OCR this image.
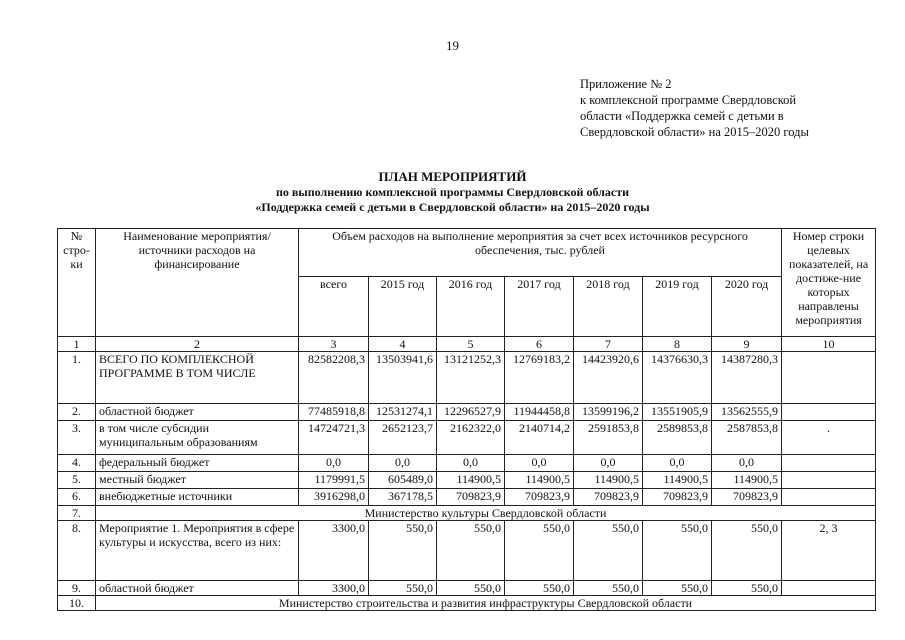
19
Приложение № 2
к комплексной программе Свердловской
области «Поддержка семей с детьми в
Свердловской области» на 2015–2020 годы
ПЛАН МЕРОПРИЯТИЙ
по выполнению комплексной программы Свердловской области
«Поддержка семей с детьми в Свердловской области» на 2015–2020 годы
№ стро-ки	Наименование мероприятия/ источники расходов на финансирование	Объем расходов на выполнение мероприятия за счет всех источников ресурсного обеспечения, тыс. рублей							Номер строки целевых показателей, на достиже-ние которых направлены мероприятия
		всего	2015 год	2016 год	2017 год	2018 год	2019 год	2020 год	
1	2	3	4	5	6	7	8	9	10
1.	ВСЕГО ПО КОМПЛЕКСНОЙ ПРОГРАММЕ В ТОМ ЧИСЛЕ	82582208,3	13503941,6	13121252,3	12769183,2	14423920,6	14376630,3	14387280,3	
2.	областной бюджет	77485918,8	12531274,1	12296527,9	11944458,8	13599196,2	13551905,9	13562555,9	
3.	в том числе субсидии муниципальным образованиям	14724721,3	2652123,7	2162322,0	2140714,2	2591853,8	2589853,8	2587853,8	.
4.	федеральный бюджет	0,0	0,0	0,0	0,0	0,0	0,0	0,0	
5.	местный бюджет	1179991,5	605489,0	114900,5	114900,5	114900,5	114900,5	114900,5	
6.	внебюджетные источники	3916298,0	367178,5	709823,9	709823,9	709823,9	709823,9	709823,9	
7.	Министерство культуры Свердловской области								
8.	Мероприятие 1. Мероприятия в сфере культуры и искусства, всего из них:	3300,0	550,0	550,0	550,0	550,0	550,0	550,0	2, 3
9.	областной бюджет	3300,0	550,0	550,0	550,0	550,0	550,0	550,0	
10.	Министерство строительства и развития инфраструктуры Свердловской области								
